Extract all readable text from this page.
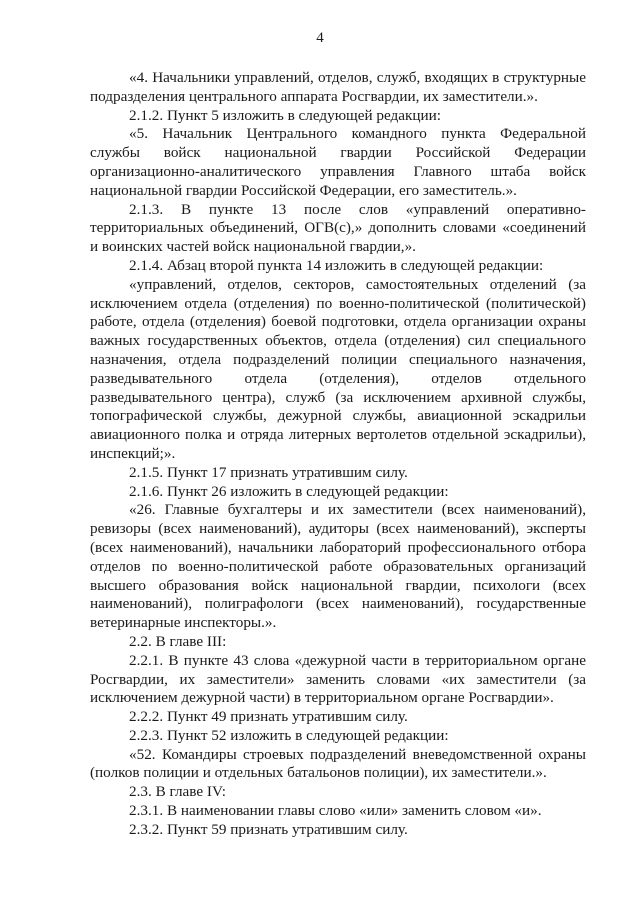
4

«4. Начальники управлений, отделов, служб, входящих в структурные подразделения центрального аппарата Росгвардии, их заместители.».

2.1.2. Пункт 5 изложить в следующей редакции:

«5. Начальник Центрального командного пункта Федеральной службы войск национальной гвардии Российской Федерации организационно-аналитического управления Главного штаба войск национальной гвардии Российской Федерации, его заместитель.».

2.1.3. В пункте 13 после слов «управлений оперативно-территориальных объединений, ОГВ(с),» дополнить словами «соединений и воинских частей войск национальной гвардии,».

2.1.4. Абзац второй пункта 14 изложить в следующей редакции:

«управлений, отделов, секторов, самостоятельных отделений (за исключением отдела (отделения) по военно-политической (политической) работе, отдела (отделения) боевой подготовки, отдела организации охраны важных государственных объектов, отдела (отделения) сил специального назначения, отдела подразделений полиции специального назначения, разведывательного отдела (отделения), отделов отдельного разведывательного центра), служб (за исключением архивной службы, топографической службы, дежурной службы, авиационной эскадрильи авиационного полка и отряда литерных вертолетов отдельной эскадрильи), инспекций;».

2.1.5. Пункт 17 признать утратившим силу.

2.1.6. Пункт 26 изложить в следующей редакции:

«26. Главные бухгалтеры и их заместители (всех наименований), ревизоры (всех наименований), аудиторы (всех наименований), эксперты (всех наименований), начальники лабораторий профессионального отбора отделов по военно-политической работе образовательных организаций высшего образования войск национальной гвардии, психологи (всех наименований), полиграфологи (всех наименований), государственные ветеринарные инспекторы.».

2.2. В главе III:

2.2.1. В пункте 43 слова «дежурной части в территориальном органе Росгвардии, их заместители» заменить словами «их заместители (за исключением дежурной части) в территориальном органе Росгвардии».

2.2.2. Пункт 49 признать утратившим силу.

2.2.3. Пункт 52 изложить в следующей редакции:

«52. Командиры строевых подразделений вневедомственной охраны (полков полиции и отдельных батальонов полиции), их заместители.».

2.3. В главе IV:

2.3.1. В наименовании главы слово «или» заменить словом «и».

2.3.2. Пункт 59 признать утратившим силу.
